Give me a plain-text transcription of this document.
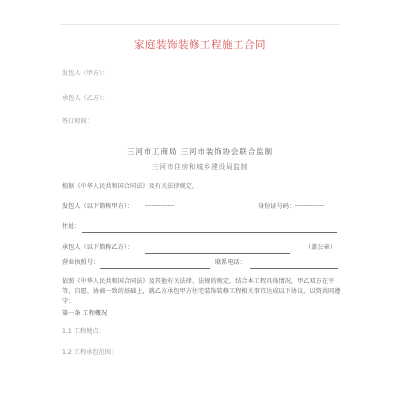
家庭装饰装修工程施工合同
发包人（甲方）：
承包人（乙方）：
签订时间：
三河市工商局 三河市装饰协会联合监制
三河市住房和城乡建设局监制
根据《中华人民共和国合同法》及有关法律规定，
发包人（以下简称甲方）： -------------	身份证号码： -------------
住址：
承包人（以下简称乙方）：	（盖公章）
营业执照号：	联系电话：
依照《中华人民共和国合同法》及其他有关法律、法规的规定，结合本工程具体情况，甲乙双方在平等、自愿、协商一致的基础上，就乙方承包甲方住宅装饰装修工程相关事宜达成以下协议，以资共同遵守：
第一条 工程概况
1.1 工程地点：
1.2 工程承包范围：
